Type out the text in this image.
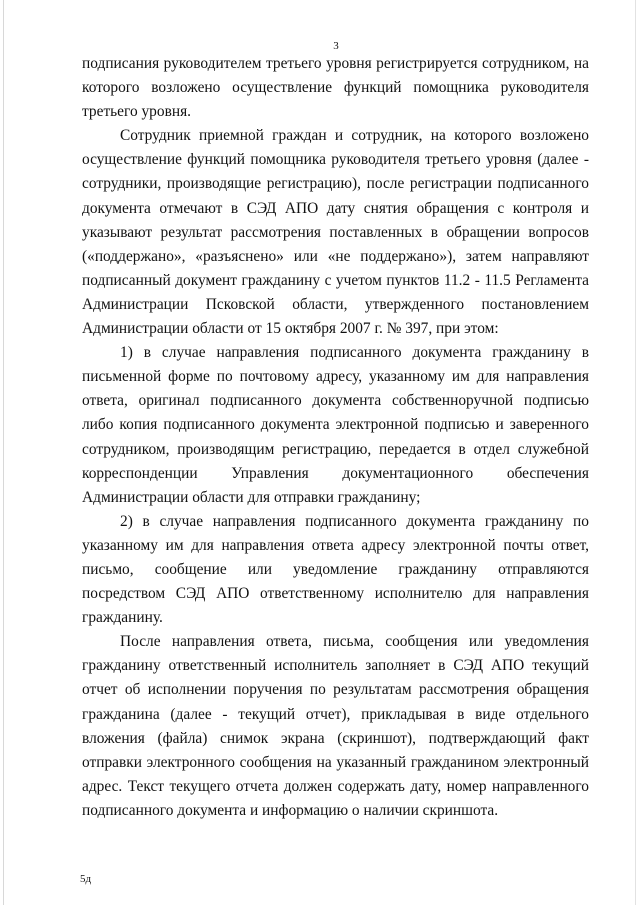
3

подписания руководителем третьего уровня регистрируется сотрудником, на которого возложено осуществление функций помощника руководителя третьего уровня.

Сотрудник приемной граждан и сотрудник, на которого возложено осуществление функций помощника руководителя третьего уровня (далее - сотрудники, производящие регистрацию), после регистрации подписанного документа отмечают в СЭД АПО дату снятия обращения с контроля и указывают результат рассмотрения поставленных в обращении вопросов («поддержано», «разъяснено» или «не поддержано»), затем направляют подписанный документ гражданину с учетом пунктов 11.2 - 11.5 Регламента Администрации Псковской области, утвержденного постановлением Администрации области от 15 октября 2007 г. № 397, при этом:

1) в случае направления подписанного документа гражданину в письменной форме по почтовому адресу, указанному им для направления ответа, оригинал подписанного документа собственноручной подписью либо копия подписанного документа электронной подписью и заверенного сотрудником, производящим регистрацию, передается в отдел служебной корреспонденции Управления документационного обеспечения Администрации области для отправки гражданину;

2) в случае направления подписанного документа гражданину по указанному им для направления ответа адресу электронной почты ответ, письмо, сообщение или уведомление гражданину отправляются посредством СЭД АПО ответственному исполнителю для направления гражданину.

После направления ответа, письма, сообщения или уведомления гражданину ответственный исполнитель заполняет в СЭД АПО текущий отчет об исполнении поручения по результатам рассмотрения обращения гражданина (далее - текущий отчет), прикладывая в виде отдельного вложения (файла) снимок экрана (скриншот), подтверждающий факт отправки электронного сообщения на указанный гражданином электронный адрес. Текст текущего отчета должен содержать дату, номер направленного подписанного документа и информацию о наличии скриншота.

5д
